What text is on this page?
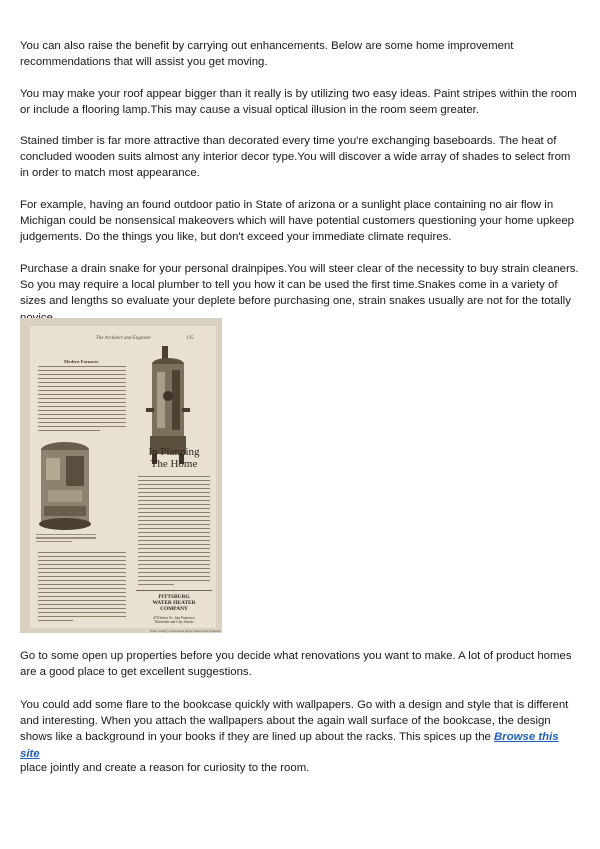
You can also raise the benefit by carrying out enhancements. Below are some home improvement recommendations that will assist you get moving.

You may make your roof appear bigger than it really is by utilizing two easy ideas. Paint stripes within the room or include a flooring lamp.This may cause a visual optical illusion in the room seem greater.

Stained timber is far more attractive than decorated every time you're exchanging baseboards. The heat of concluded wooden suits almost any interior decor type.You will discover a wide array of shades to select from in order to match most appearance.

For example, having an found outdoor patio in State of arizona or a sunlight place containing no air flow in Michigan could be nonsensical makeovers which will have potential customers questioning your home upkeep judgements. Do the things you like, but don't exceed your immediate climate requires.

Purchase a drain snake for your personal drainpipes.You will steer clear of the necessity to buy strain cleaners. So you may require a local plumber to tell you how it can be used the first time.Snakes come in a variety of sizes and lengths so evaluate your deplete before purchasing one, strain snakes usually are not for the totally

The Architect and Engineer	135
Modern Furnaces
In Planning
The Home
PITTSBURG
WATER HEATER
COMPANY
478 Sutter St., San Francisco
Thirteenth and Clay Streets
When writing to Advertisers please mention this magazine.

Go to some open up properties before you decide what renovations you want to make. A lot of product homes are a good place to get excellent suggestions.

You could add some flare to the bookcase quickly with wallpapers. Go with a design and style that is different and interesting. When you attach the wallpapers about the again wall surface of the bookcase, the design shows like a background in your books if they are lined up about the racks. This spices up the Browse this site

place jointly and create a reason for curiosity to the room.
